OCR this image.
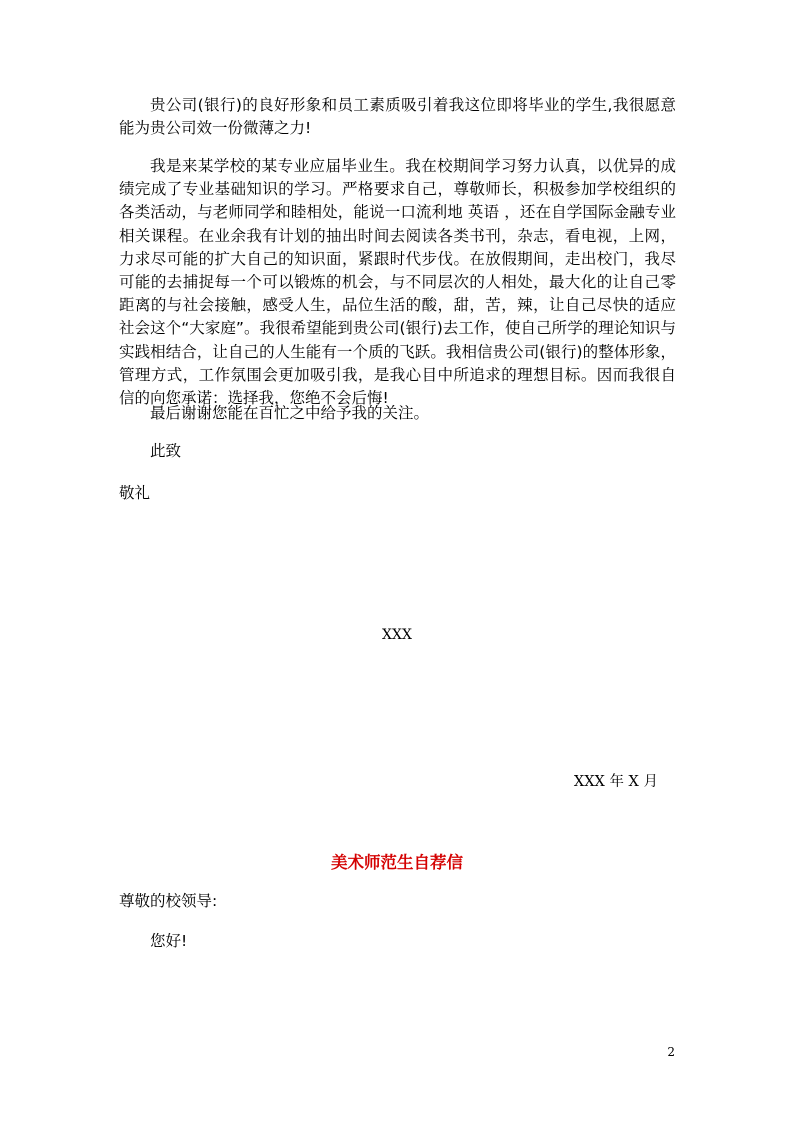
贵公司(银行)的良好形象和员工素质吸引着我这位即将毕业的学生,我很愿意能为贵公司效一份微薄之力!

我是来某学校的某专业应届毕业生。我在校期间学习努力认真，以优异的成绩完成了专业基础知识的学习。严格要求自己，尊敬师长，积极参加学校组织的各类活动，与老师同学和睦相处，能说一口流利地 英语 ，还在自学国际金融专业相关课程。在业余我有计划的抽出时间去阅读各类书刊，杂志，看电视，上网，力求尽可能的扩大自己的知识面，紧跟时代步伐。在放假期间，走出校门，我尽可能的去捕捉每一个可以锻炼的机会，与不同层次的人相处，最大化的让自己零距离的与社会接触，感受人生，品位生活的酸，甜，苦，辣，让自己尽快的适应社会这个“大家庭”。我很希望能到贵公司(银行)去工作，使自己所学的理论知识与实践相结合，让自己的人生能有一个质的飞跃。我相信贵公司(银行)的整体形象，管理方式，工作氛围会更加吸引我，是我心目中所追求的理想目标。因而我很自信的向您承诺：选择我，您绝不会后悔!

最后谢谢您能在百忙之中给予我的关注。

此致

敬礼

XXX

XXX 年 X 月

美术师范生自荐信

尊敬的校领导:

您好!

2
